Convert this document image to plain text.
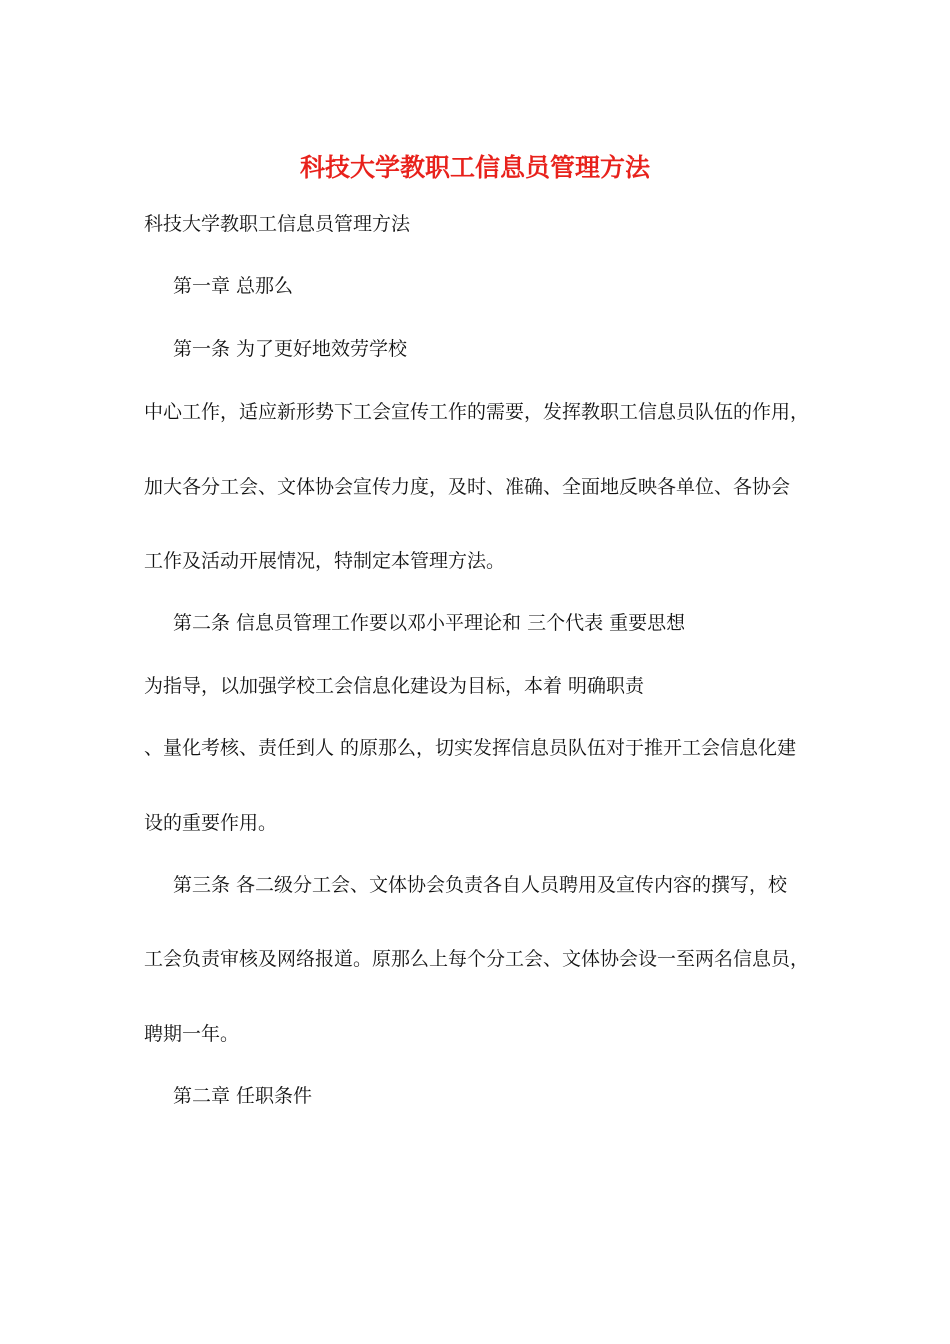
科技大学教职工信息员管理方法
科技大学教职工信息员管理方法
第一章 总那么
第一条 为了更好地效劳学校
中心工作，适应新形势下工会宣传工作的需要，发挥教职工信息员队伍的作用，
加大各分工会、文体协会宣传力度，及时、准确、全面地反映各单位、各协会
工作及活动开展情况，特制定本管理方法。
第二条 信息员管理工作要以邓小平理论和 三个代表 重要思想
为指导，以加强学校工会信息化建设为目标，本着 明确职责
、量化考核、责任到人 的原那么，切实发挥信息员队伍对于推开工会信息化建
设的重要作用。
第三条 各二级分工会、文体协会负责各自人员聘用及宣传内容的撰写，校
工会负责审核及网络报道。原那么上每个分工会、文体协会设一至两名信息员，
聘期一年。
第二章 任职条件
